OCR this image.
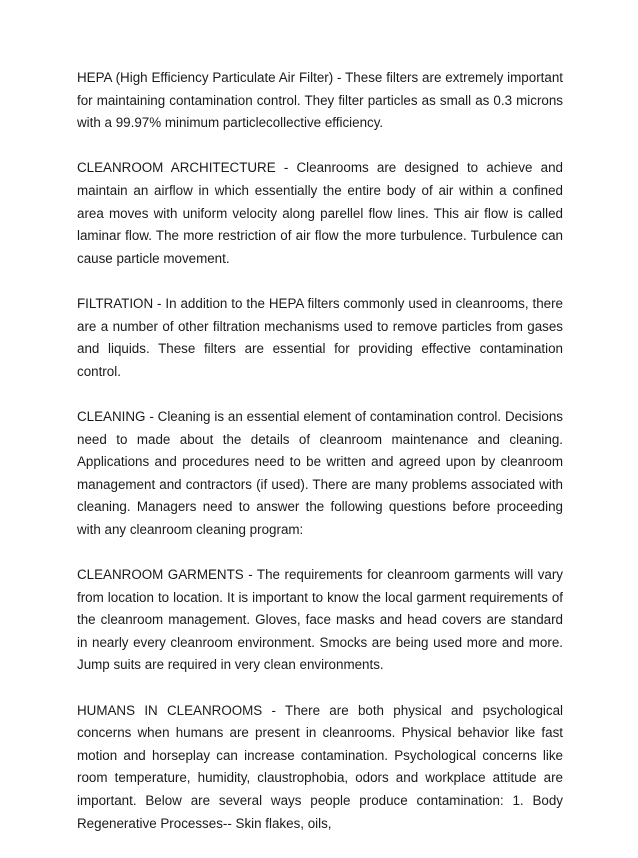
HEPA (High Efficiency Particulate Air Filter) - These filters are extremely important for maintaining contamination control. They filter particles as small as 0.3 microns with a 99.97% minimum particlecollective efficiency.

CLEANROOM ARCHITECTURE - Cleanrooms are designed to achieve and maintain an airflow in which essentially the entire body of air within a confined area moves with uniform velocity along parellel flow lines. This air flow is called laminar flow. The more restriction of air flow the more turbulence. Turbulence can cause particle movement.

FILTRATION - In addition to the HEPA filters commonly used in cleanrooms, there are a number of other filtration mechanisms used to remove particles from gases and liquids. These filters are essential for providing effective contamination control.

CLEANING - Cleaning is an essential element of contamination control. Decisions need to made about the details of cleanroom maintenance and cleaning. Applications and procedures need to be written and agreed upon by cleanroom management and contractors (if used). There are many problems associated with cleaning. Managers need to answer the following questions before proceeding with any cleanroom cleaning program:

CLEANROOM GARMENTS - The requirements for cleanroom garments will vary from location to location. It is important to know the local garment requirements of the cleanroom management. Gloves, face masks and head covers are standard in nearly every cleanroom environment. Smocks are being used more and more. Jump suits are required in very clean environments.

HUMANS IN CLEANROOMS - There are both physical and psychological concerns when humans are present in cleanrooms. Physical behavior like fast motion and horseplay can increase contamination. Psychological concerns like room temperature, humidity, claustrophobia, odors and workplace attitude are important. Below are several ways people produce contamination: 1. Body Regenerative Processes-- Skin flakes, oils,
